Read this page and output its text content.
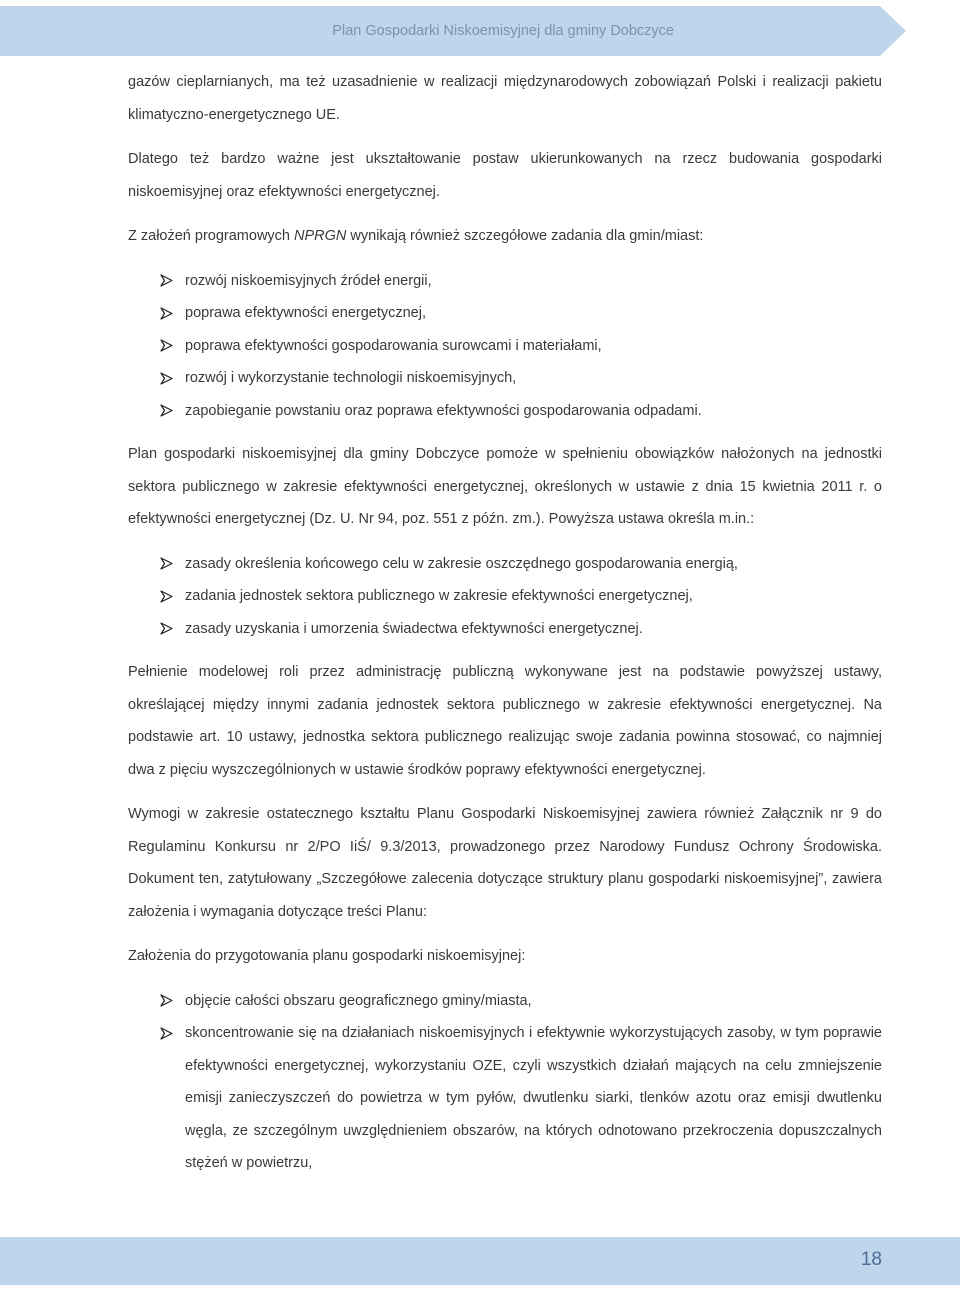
Plan Gospodarki Niskoemisyjnej dla gminy Dobczyce

gazów cieplarnianych, ma też uzasadnienie w realizacji międzynarodowych zobowiązań Polski i realizacji pakietu klimatyczno-energetycznego UE.

Dlatego też bardzo ważne jest ukształtowanie postaw ukierunkowanych na rzecz budowania gospodarki niskoemisyjnej oraz efektywności energetycznej.

Z założeń programowych NPRGN wynikają również szczegółowe zadania dla gmin/miast:

rozwój niskoemisyjnych źródeł energii,
poprawa efektywności energetycznej,
poprawa efektywności gospodarowania surowcami i materiałami,
rozwój i wykorzystanie technologii niskoemisyjnych,
zapobieganie powstaniu oraz poprawa efektywności gospodarowania odpadami.

Plan gospodarki niskoemisyjnej dla gminy Dobczyce pomoże w spełnieniu obowiązków nałożonych na jednostki sektora publicznego w zakresie efektywności energetycznej, określonych w ustawie z dnia 15 kwietnia 2011 r. o efektywności energetycznej (Dz. U. Nr 94, poz. 551 z późn. zm.). Powyższa ustawa określa m.in.:

zasady określenia końcowego celu w zakresie oszczędnego gospodarowania energią,
zadania jednostek sektora publicznego w zakresie efektywności energetycznej,
zasady uzyskania i umorzenia świadectwa efektywności energetycznej.

Pełnienie modelowej roli przez administrację publiczną wykonywane jest na podstawie powyższej ustawy, określającej między innymi zadania jednostek sektora publicznego w zakresie efektywności energetycznej. Na podstawie art. 10 ustawy, jednostka sektora publicznego realizując swoje zadania powinna stosować, co najmniej dwa z pięciu wyszczególnionych w ustawie środków poprawy efektywności energetycznej.

Wymogi w zakresie ostatecznego kształtu Planu Gospodarki Niskoemisyjnej zawiera również Załącznik nr 9 do Regulaminu Konkursu nr 2/PO IiŚ/ 9.3/2013, prowadzonego przez Narodowy Fundusz Ochrony Środowiska. Dokument ten, zatytułowany „Szczegółowe zalecenia dotyczące struktury planu gospodarki niskoemisyjnej”, zawiera założenia i wymagania dotyczące treści Planu:

Założenia do przygotowania planu gospodarki niskoemisyjnej:

objęcie całości obszaru geograficznego gminy/miasta,
skoncentrowanie się na działaniach niskoemisyjnych i efektywnie wykorzystujących zasoby, w tym poprawie efektywności energetycznej, wykorzystaniu OZE, czyli wszystkich działań mających na celu zmniejszenie emisji zanieczyszczeń do powietrza w tym pyłów, dwutlenku siarki, tlenków azotu oraz emisji dwutlenku węgla, ze szczególnym uwzględnieniem obszarów, na których odnotowano przekroczenia dopuszczalnych stężeń w powietrzu,
18
